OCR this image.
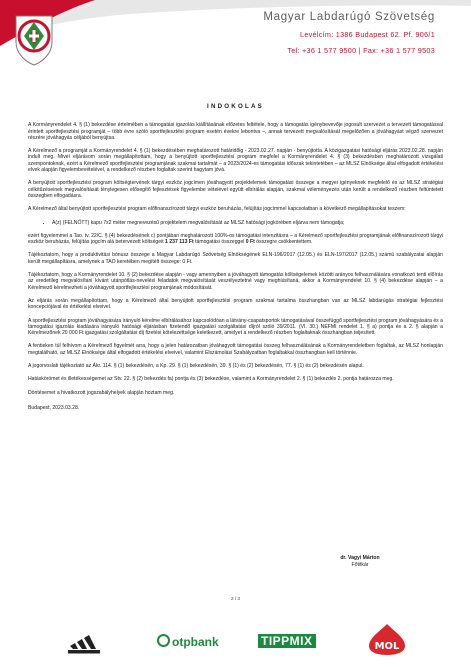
Magyar Labdarúgó Szövetség
Levélcím: 1386 Budapest 62. Pf. 906/1
Tel: +36 1 577 9500 | Fax: +36 1 577 9503
INDOKOLAS

A Kormányrendelet 4. § (1) bekezdése értelmében a támogatási igazolás kiállításának előzetes feltétele, hogy a támogatás igénybevevője jogosult szervezet a tervezett támogatással érintett sportfejlesztési programját – több évre szóló sportfejlesztési program esetén évekre lebontva –, annak tervezett megvalósítását megelőzően a jóváhagyást végző szervezet részére jóváhagyás céljából benyújtsa.

A Kérelmező a programját a Kormányrendelet 4. § (1) bekezdésében meghatározott határidőig - 2023.02.27. napján - benyújtotta. A közigazgatási hatósági eljárás 2023.02.28. napján indult meg. Mivel eljárásom során megállapítottam, hogy a benyújtott sportfejlesztési program megfelel a Kormányrendelet 4. § (3) bekezdésben meghatározott vizsgálati szempontoknak, ezért a Kérelmező sportfejlesztési programjának szakmai tartalmát – a 2023/2024-es támogatási időszak tekintetében – az MLSZ Elnöksége által elfogadott értékelési elvek alapján figyelembevételével, a rendelkező részben foglaltak szerint hagytam jóvá.

A benyújtott sportfejlesztési program költségtervének tárgyi eszköz jogcímen jóváhagyott projektelemek támogatási összege a megyei igényeknek megfelelő és az MLSZ stratégiai célkitűzéseinek megvalósítását ténylegesen elősegítő fejlesztések figyelembe vételével együtt elbírálás alapján, szakmai véleményezés után került a rendelkező részben feltüntetett összegben elfogadásra.

A Kérelmező által benyújtott sportfejlesztési program előfinanszírozott tárgyi eszköz beruházás, felújítás jogcímmel kapcsolatban a következő megállapításokat teszem:

• A(z) (FELNŐTT) kapu 7x2 méter megnevezésű projektelem megvalósítását az MLSZ hatósági jogkörében eljárva nem támogatja;

ezért figyelemmel a Tao. tv. 22/C. § (4) bekezdésének c) pontjában meghatározott 100%-os támogatási intenzitásra – a Kérelmező sportfejlesztési programjának előfinanszírozott tárgyi eszköz beruházás, felújítás jogcím alá betervezett költségeit 1 237 113 Ft támogatási összeggel 0 Ft összegre csökkentettem.

Tájékoztatom, hogy a produktivitási bónusz összege a Magyar Labdarúgó Szövetség Elnökségének ELN-196/2017 (12.05.) és ELN-197/2017 (12.05.) számú szabályzatai alapján került megállapításra, amelynek a TAO keretében megítélt összege: 0 Ft.

Tájékoztatom, hogy a Kormányrendelet 10. § (2) bekezdése alapján - vagy amennyiben a jóváhagyott támogatás költségelemek közötti arányos felhasználására vonatkozó tenti előírás az eredetileg megvalósítani kívánt utánpótlás-nevelési feladatok megvalósítását veszélyeztetné vagy meghiúsítaná, akkor a Kormányrendelet 10. § (4) bekezdése alapján – a Kérelmező kérelmezheti a jóváhagyott sportfejlesztési programjának módosítását.

Az eljárás során megállapítottam, hogy a Kérelmező által benyújtott sportfejlesztési program szakmai tartalma összhangban van az MLSZ labdarúgás stratégiai fejlesztési koncepciójával és értékelési elveivel.

A sportfejlesztési program jóváhagyására irányuló kérelme elbírálásához kapcsolódóan a látvány-csapatsportok támogatásával összefüggő sportfejlesztési program jóváhagyására és a támogatási igazolás kiadására irányuló hatósági eljárásban fizetendő igazgatási szolgáltatási díjról szóló 39/2011. (VI. 30.) NEFMI rendelet 1. § a) pontja és a 2. § alapján a Kérelmezőnek 20 000 Ft igazgatási szolgáltatási díj fizetési kötelezettsége keletkezett, amelyet a rendelkező részben foglaltaknak összhangban teljesített.

A fentieken túl felhívom a Kérelmező figyelmét arra, hogy a jelen határozatban jóváhagyott támogatási összeg felhasználásának a Kormányrendeletben foglaltak, az MLSZ honlapján megtalálható, az MLSZ Elnöksége által elfogadott értékelési elveivel, valamint Elszámolási Szabályzatban foglaltakkal összhangban kell történnie.

A jogorvoslati tájékoztató az Ákr. 114. § (1) bekezdésén, a Kp. 29. § (1) bekezdésén, 39. § (1) és (2) bekezdésén, 77. § (1) és (2) bekezdésén alapul.

Hatáskörömet és illetékességemet az Stv. 22. § (2) bekezdés fa) pontja és (3) bekezdése, valamint a Kormányrendelet 2. § (1) bekezdés 2. pontja határozza meg.

Döntésemet a hivatkozott jogszabályhelyek alapján hoztam meg.

Budapest, 2023.03.28.
dr. Vagyi Márton
Főtitkár
2 / 3
otpbank	TIPPMIX	MOL
